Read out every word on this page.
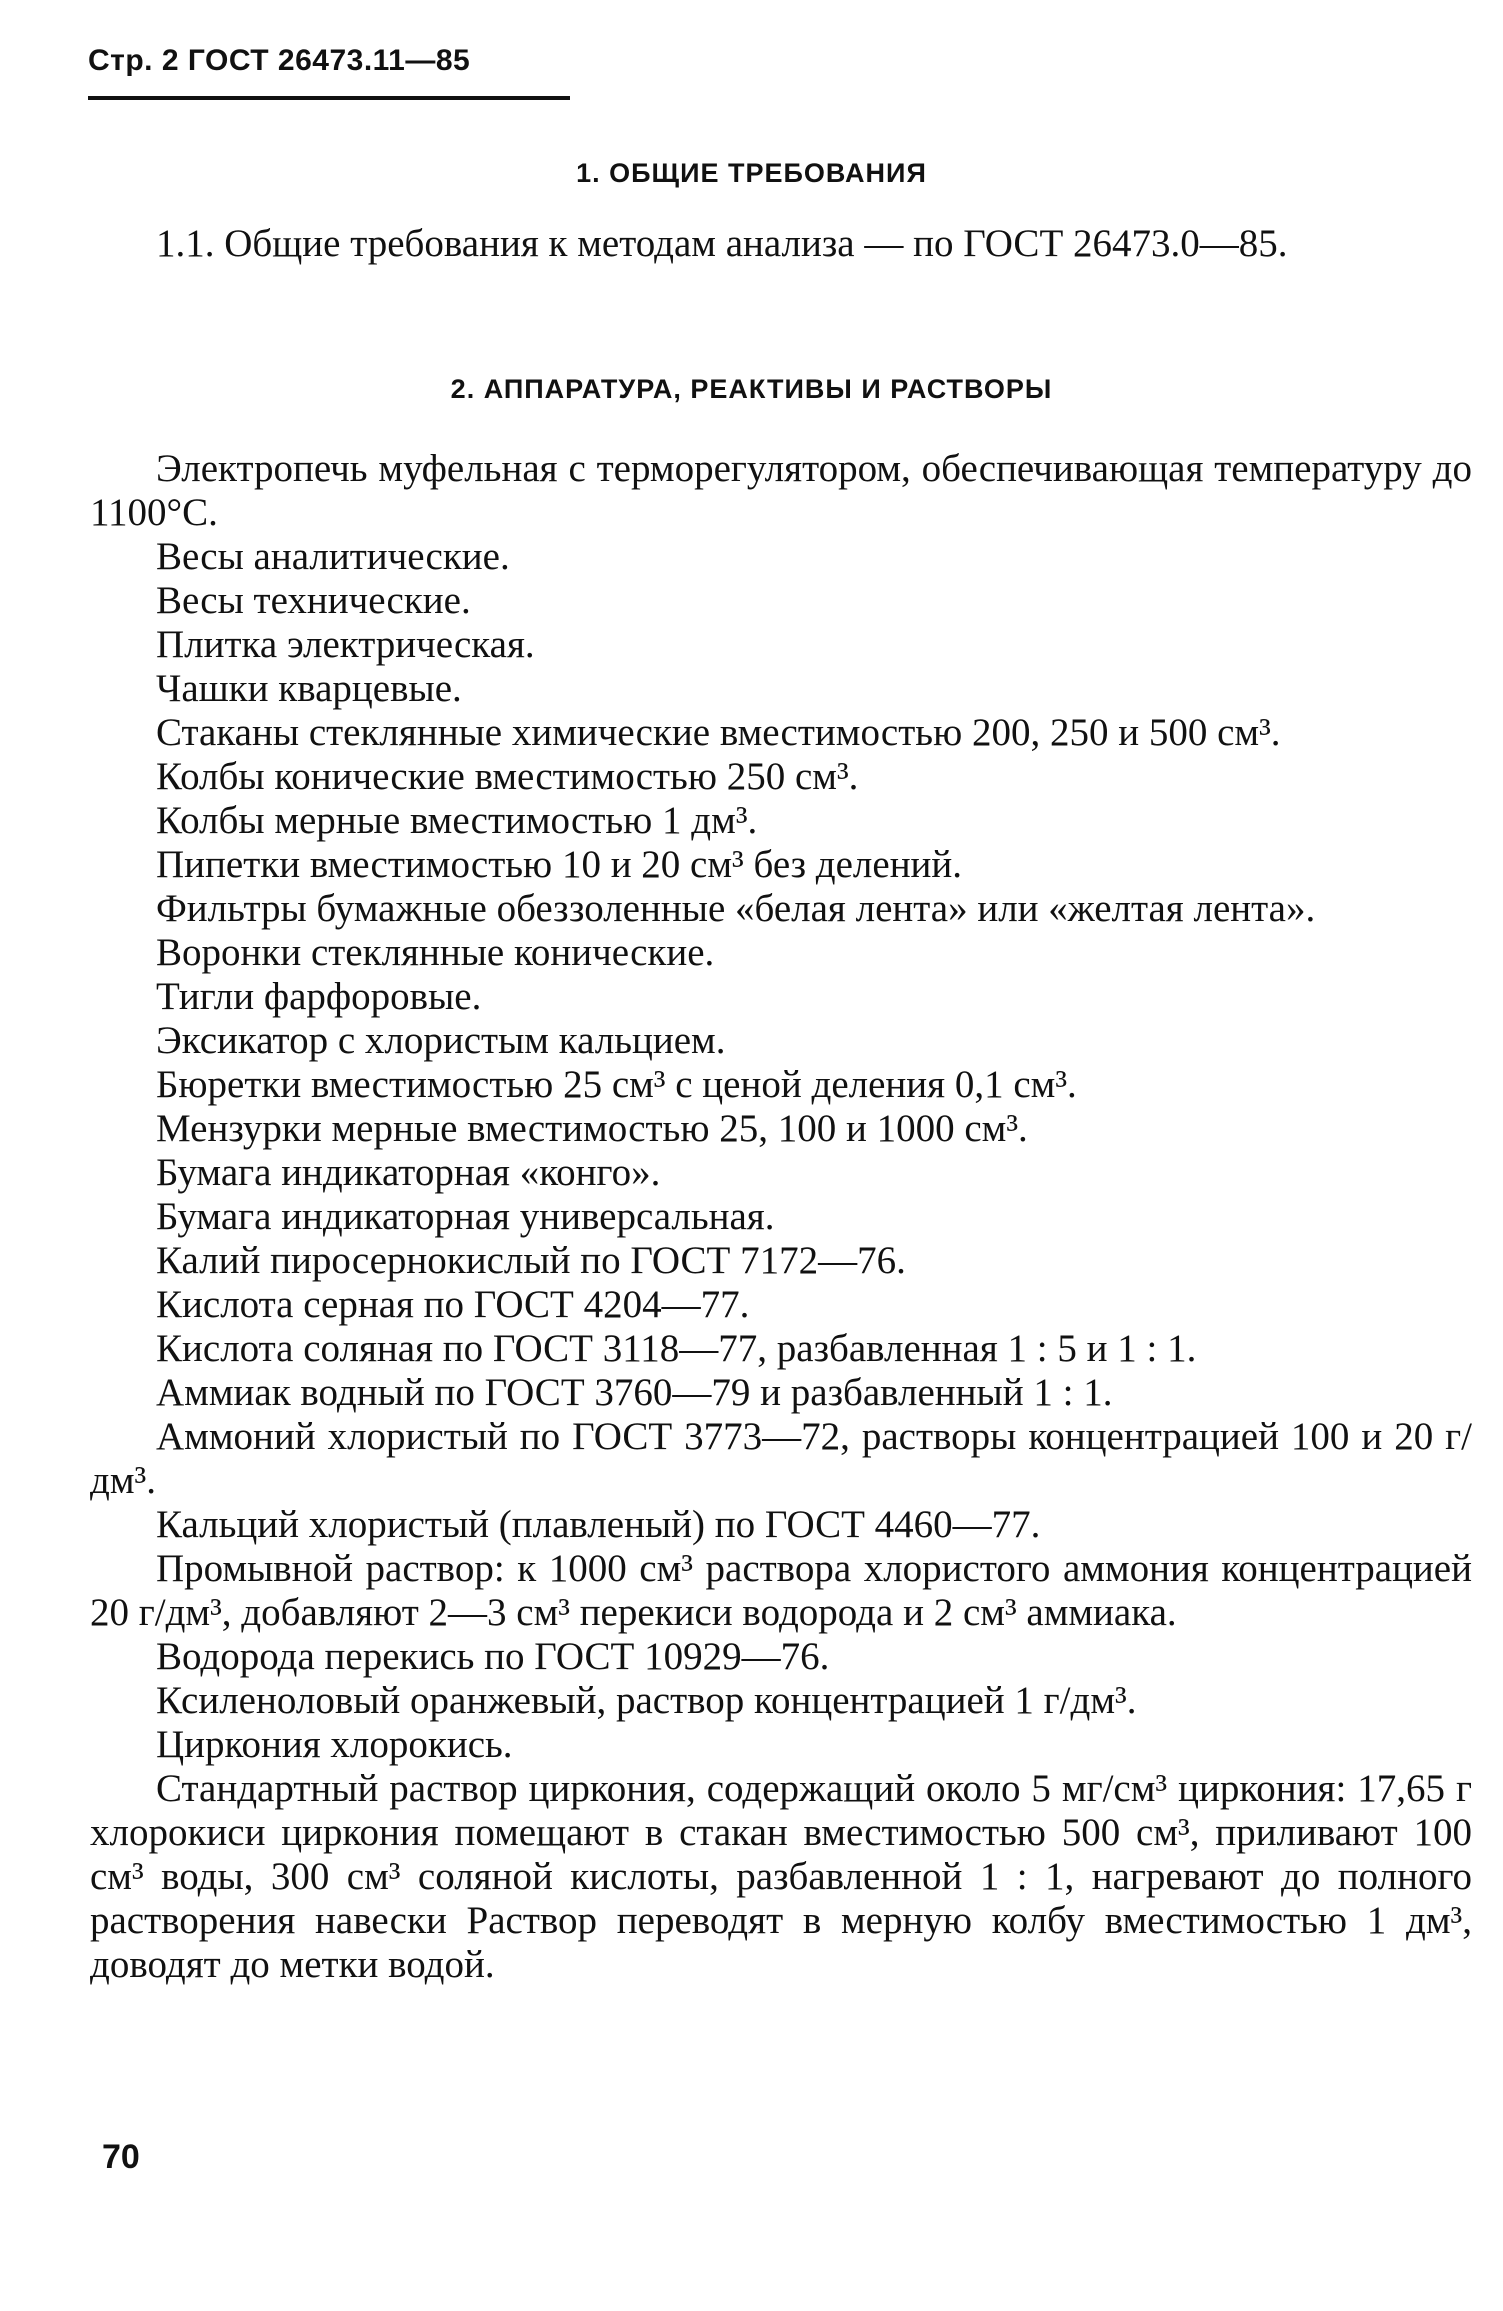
Стр. 2 ГОСТ 26473.11—85
1. ОБЩИЕ ТРЕБОВАНИЯ

1.1. Общие требования к методам анализа — по ГОСТ 26473.0—85.

2. АППАРАТУРА, РЕАКТИВЫ И РАСТВОРЫ

Электропечь муфельная с терморегулятором, обеспечивающая температуру до 1100°С.

Весы аналитические.

Весы технические.

Плитка электрическая.

Чашки кварцевые.

Стаканы стеклянные химические вместимостью 200, 250 и 500 см³.

Колбы конические вместимостью 250 см³.

Колбы мерные вместимостью 1 дм³.

Пипетки вместимостью 10 и 20 см³ без делений.

Фильтры бумажные обеззоленные «белая лента» или «желтая лента».

Воронки стеклянные конические.

Тигли фарфоровые.

Эксикатор с хлористым кальцием.

Бюретки вместимостью 25 см³ с ценой деления 0,1 см³.

Мензурки мерные вместимостью 25, 100 и 1000 см³.

Бумага индикаторная «конго».

Бумага индикаторная универсальная.

Калий пиросернокислый по ГОСТ 7172—76.

Кислота серная по ГОСТ 4204—77.

Кислота соляная по ГОСТ 3118—77, разбавленная 1 : 5 и 1 : 1.

Аммиак водный по ГОСТ 3760—79 и разбавленный 1 : 1.

Аммоний хлористый по ГОСТ 3773—72, растворы концентрацией 100 и 20 г/дм³.

Кальций хлористый (плавленый) по ГОСТ 4460—77.

Промывной раствор: к 1000 см³ раствора хлористого аммония концентрацией 20 г/дм³, добавляют 2—3 см³ перекиси водорода и 2 см³ аммиака.

Водорода перекись по ГОСТ 10929—76.

Ксиленоловый оранжевый, раствор концентрацией 1 г/дм³.

Циркония хлорокись.

Стандартный раствор циркония, содержащий около 5 мг/см³ циркония: 17,65 г хлорокиси циркония помещают в стакан вместимостью 500 см³, приливают 100 см³ воды, 300 см³ соляной кислоты, разбавленной 1 : 1, нагревают до полного растворения навески Раствор переводят в мерную колбу вместимостью 1 дм³, доводят до метки водой.

70
